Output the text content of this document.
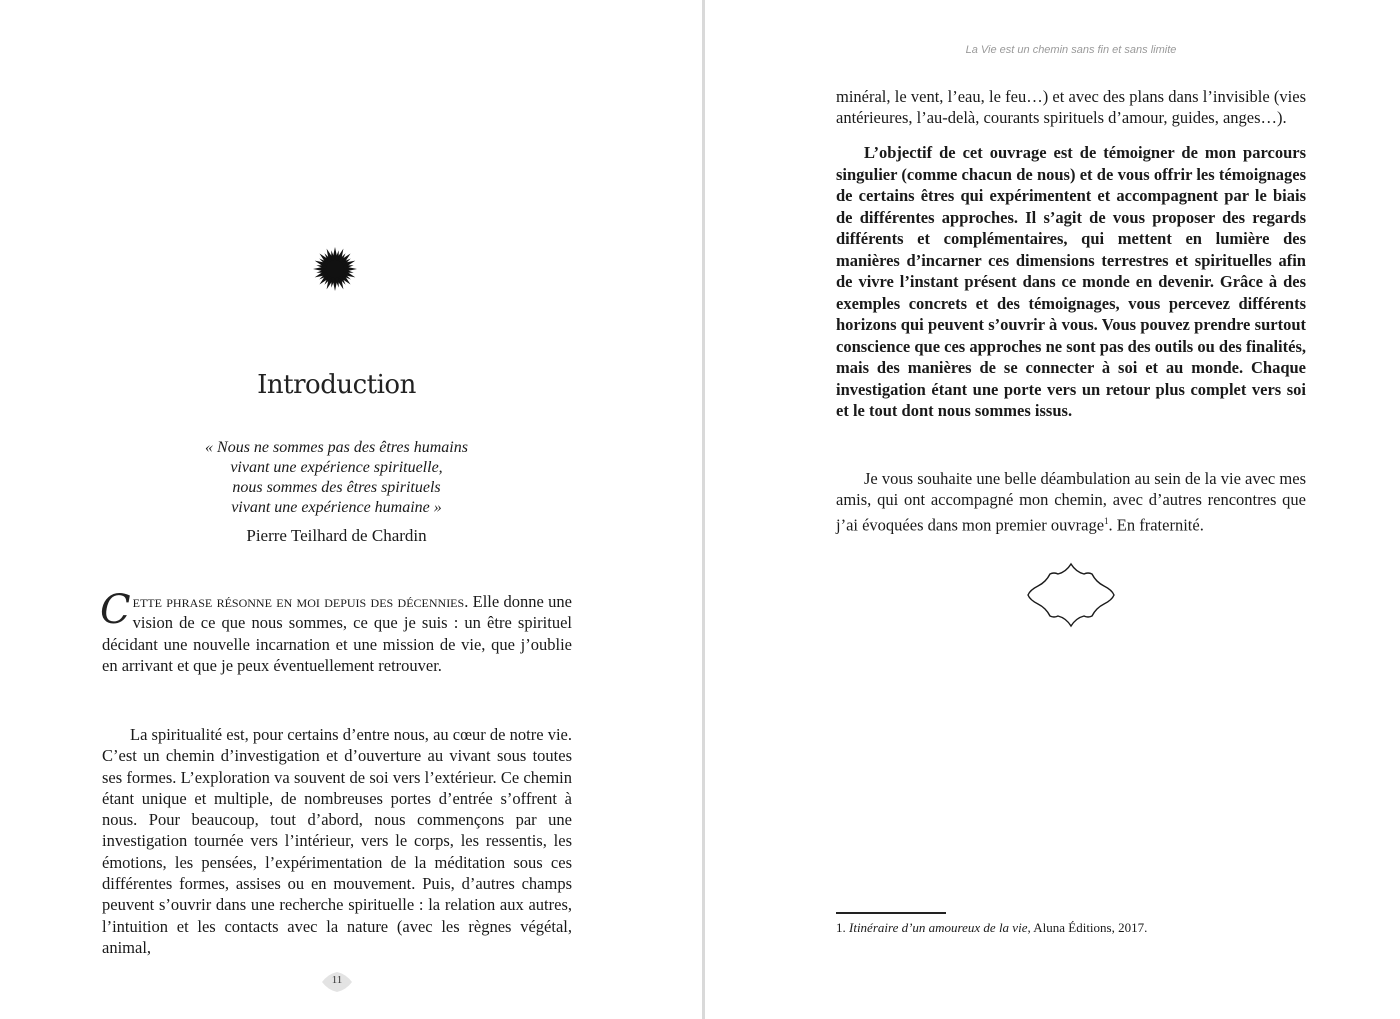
Introduction
« Nous ne sommes pas des êtres humains
vivant une expérience spirituelle,
nous sommes des êtres spirituels
vivant une expérience humaine »
Pierre Teilhard de Chardin

Cette phrase résonne en moi depuis des décennies. Elle donne une vision de ce que nous sommes, ce que je suis : un être spirituel décidant une nouvelle incarnation et une mission de vie, que j’oublie en arrivant et que je peux éventuellement retrouver.

La spiritualité est, pour certains d’entre nous, au cœur de notre vie. C’est un chemin d’investigation et d’ouverture au vivant sous toutes ses formes. L’exploration va souvent de soi vers l’extérieur. Ce chemin étant unique et multiple, de nombreuses portes d’entrée s’offrent à nous. Pour beaucoup, tout d’abord, nous commençons par une investigation tournée vers l’intérieur, vers le corps, les ressentis, les émotions, les pensées, l’expérimentation de la méditation sous ces différentes formes, assises ou en mouvement. Puis, d’autres champs peuvent s’ouvrir dans une recherche spirituelle : la relation aux autres, l’intuition et les contacts avec la nature (avec les règnes végétal, animal,

11
La Vie est un chemin sans fin et sans limite

minéral, le vent, l’eau, le feu…) et avec des plans dans l’invisible (vies antérieures, l’au-delà, courants spirituels d’amour, guides, anges…).

L’objectif de cet ouvrage est de témoigner de mon parcours singulier (comme chacun de nous) et de vous offrir les témoignages de certains êtres qui expérimentent et accompagnent par le biais de différentes approches. Il s’agit de vous proposer des regards différents et complémentaires, qui mettent en lumière des manières d’incarner ces dimensions terrestres et spirituelles afin de vivre l’instant présent dans ce monde en devenir. Grâce à des exemples concrets et des témoignages, vous percevez différents horizons qui peuvent s’ouvrir à vous. Vous pouvez prendre surtout conscience que ces approches ne sont pas des outils ou des finalités, mais des manières de se connecter à soi et au monde. Chaque investigation étant une porte vers un retour plus complet vers soi et le tout dont nous sommes issus.

Je vous souhaite une belle déambulation au sein de la vie avec mes amis, qui ont accompagné mon chemin, avec d’autres rencontres que j’ai évoquées dans mon premier ouvrage$^1$. En fraternité.

1. Itinéraire d’un amoureux de la vie, Aluna Éditions, 2017.
